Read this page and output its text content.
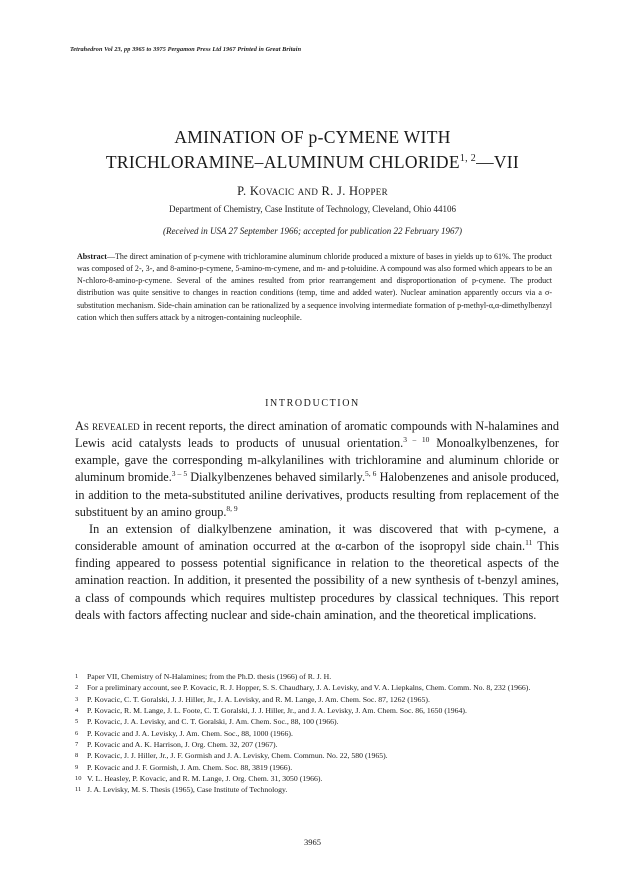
Tetrahedron Vol 23, pp 3965 to 3975 Pergamon Press Ltd 1967 Printed in Great Britain
AMINATION OF p-CYMENE WITH
TRICHLORAMINE–ALUMINUM CHLORIDE$^{1, 2}$—VII
P. Kovacic and R. J. Hopper
Department of Chemistry, Case Institute of Technology, Cleveland, Ohio 44106
(Received in USA 27 September 1966; accepted for publication 22 February 1967)
Abstract—The direct amination of p-cymene with trichloramine aluminum chloride produced a mixture of bases in yields up to 61%. The product was composed of 2-, 3-, and 8-amino-p-cymene, 5-amino-m-cymene, and m- and p-toluidine. A compound was also formed which appears to be an N-chloro-8-amino-p-cymene. Several of the amines resulted from prior rearrangement and disproportionation of p-cymene. The product distribution was quite sensitive to changes in reaction conditions (temp, time and added water). Nuclear amination apparently occurs via a σ-substitution mechanism. Side-chain amination can be rationalized by a sequence involving intermediate formation of p-methyl-α,α-dimethylbenzyl cation which then suffers attack by a nitrogen-containing nucleophile.
INTRODUCTION

As revealed in recent reports, the direct amination of aromatic compounds with N-halamines and Lewis acid catalysts leads to products of unusual orientation.$^{3 - 10}$ Monoalkylbenzenes, for example, gave the corresponding m-alkylanilines with trichloramine and aluminum chloride or aluminum bromide.$^{3 - 5}$ Dialkylbenzenes behaved similarly.$^{5, 6}$ Halobenzenes and anisole produced, in addition to the meta-substituted aniline derivatives, products resulting from replacement of the substituent by an amino group.$^{8, 9}$

In an extension of dialkylbenzene amination, it was discovered that with p-cymene, a considerable amount of amination occurred at the α-carbon of the isopropyl side chain.$^{11}$ This finding appeared to possess potential significance in relation to the theoretical aspects of the amination reaction. In addition, it presented the possibility of a new synthesis of t-benzyl amines, a class of compounds which requires multistep procedures by classical techniques. This report deals with factors affecting nuclear and side-chain amination, and the theoretical implications.

1 Paper VII, Chemistry of N-Halamines; from the Ph.D. thesis (1966) of R. J. H.
2 For a preliminary account, see P. Kovacic, R. J. Hopper, S. S. Chaudhary, J. A. Levisky, and V. A. Liepkalns, Chem. Comm. No. 8, 232 (1966).
3 P. Kovacic, C. T. Goralski, J. J. Hiller, Jr., J. A. Levisky, and R. M. Lange, J. Am. Chem. Soc. 87, 1262 (1965).
4 P. Kovacic, R. M. Lange, J. L. Foote, C. T. Goralski, J. J. Hiller, Jr., and J. A. Levisky, J. Am. Chem. Soc. 86, 1650 (1964).
5 P. Kovacic, J. A. Levisky, and C. T. Goralski, J. Am. Chem. Soc., 88, 100 (1966).
6 P. Kovacic and J. A. Levisky, J. Am. Chem. Soc., 88, 1000 (1966).
7 P. Kovacic and A. K. Harrison, J. Org. Chem. 32, 207 (1967).
8 P. Kovacic, J. J. Hiller, Jr., J. F. Gormish and J. A. Levisky, Chem. Commun. No. 22, 580 (1965).
9 P. Kovacic and J. F. Gormish, J. Am. Chem. Soc. 88, 3819 (1966).
10 V. L. Heasley, P. Kovacic, and R. M. Lange, J. Org. Chem. 31, 3050 (1966).
11 J. A. Levisky, M. S. Thesis (1965), Case Institute of Technology.
3965
